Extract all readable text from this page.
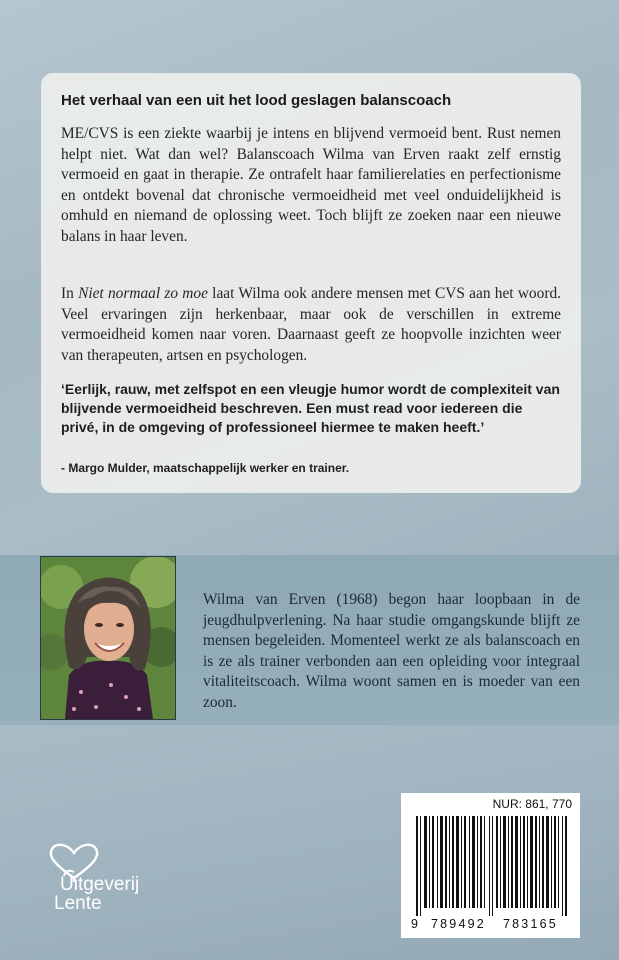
Het verhaal van een uit het lood geslagen balanscoach

ME/CVS is een ziekte waarbij je intens en blijvend vermoeid bent. Rust nemen helpt niet. Wat dan wel? Balanscoach Wilma van Erven raakt zelf ernstig vermoeid en gaat in therapie. Ze ontrafelt haar familierelaties en perfectionisme en ontdekt bovenal dat chronische vermoeidheid met veel onduidelijkheid is omhuld en niemand de oplossing weet. Toch blijft ze zoeken naar een nieuwe balans in haar leven.

In Niet normaal zo moe laat Wilma ook andere mensen met CVS aan het woord. Veel ervaringen zijn herkenbaar, maar ook de verschillen in extreme vermoeidheid komen naar voren. Daarnaast geeft ze hoopvolle inzichten weer van therapeuten, artsen en psychologen.

‘Eerlijk, rauw, met zelfspot en een vleugje humor wordt de complexiteit van blijvende vermoeidheid beschreven. Een must read voor iedereen die privé, in de omgeving of professioneel hiermee te maken heeft.’

- Margo Mulder, maatschappelijk werker en trainer.

Wilma van Erven (1968) begon haar loopbaan in de jeugdhulpverlening. Na haar studie omgangskunde blijft ze mensen begeleiden. Momenteel werkt ze als balanscoach en is ze als trainer verbonden aan een opleiding voor integraal vitaliteitscoach. Wilma woont samen en is moeder van een zoon.

NUR: 861, 770
9 789492 783165
Uitgeverij
Lente
